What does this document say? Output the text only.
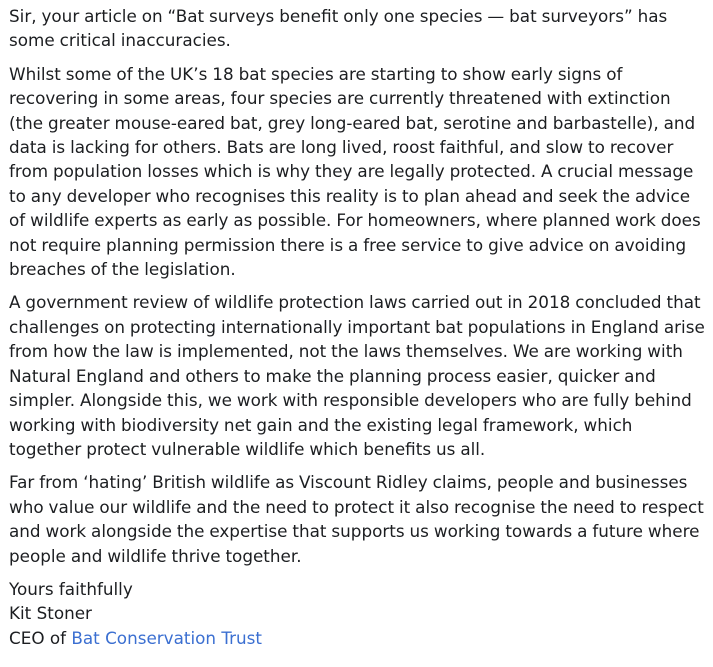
Sir, your article on “Bat surveys benefit only one species — bat surveyors” has some critical inaccuracies.

Whilst some of the UK’s 18 bat species are starting to show early signs of recovering in some areas, four species are currently threatened with extinction (the greater mouse-eared bat, grey long-eared bat, serotine and barbastelle), and data is lacking for others. Bats are long lived, roost faithful, and slow to recover from population losses which is why they are legally protected. A crucial message to any developer who recognises this reality is to plan ahead and seek the advice of wildlife experts as early as possible. For homeowners, where planned work does not require planning permission there is a free service to give advice on avoiding breaches of the legislation.

A government review of wildlife protection laws carried out in 2018 concluded that challenges on protecting internationally important bat populations in England arise from how the law is implemented, not the laws themselves. We are working with Natural England and others to make the planning process easier, quicker and simpler. Alongside this, we work with responsible developers who are fully behind working with biodiversity net gain and the existing legal framework, which together protect vulnerable wildlife which benefits us all.

Far from ‘hating’ British wildlife as Viscount Ridley claims, people and businesses who value our wildlife and the need to protect it also recognise the need to respect and work alongside the expertise that supports us working towards a future where people and wildlife thrive together.

Yours faithfully

Kit Stoner

CEO of Bat Conservation Trust
